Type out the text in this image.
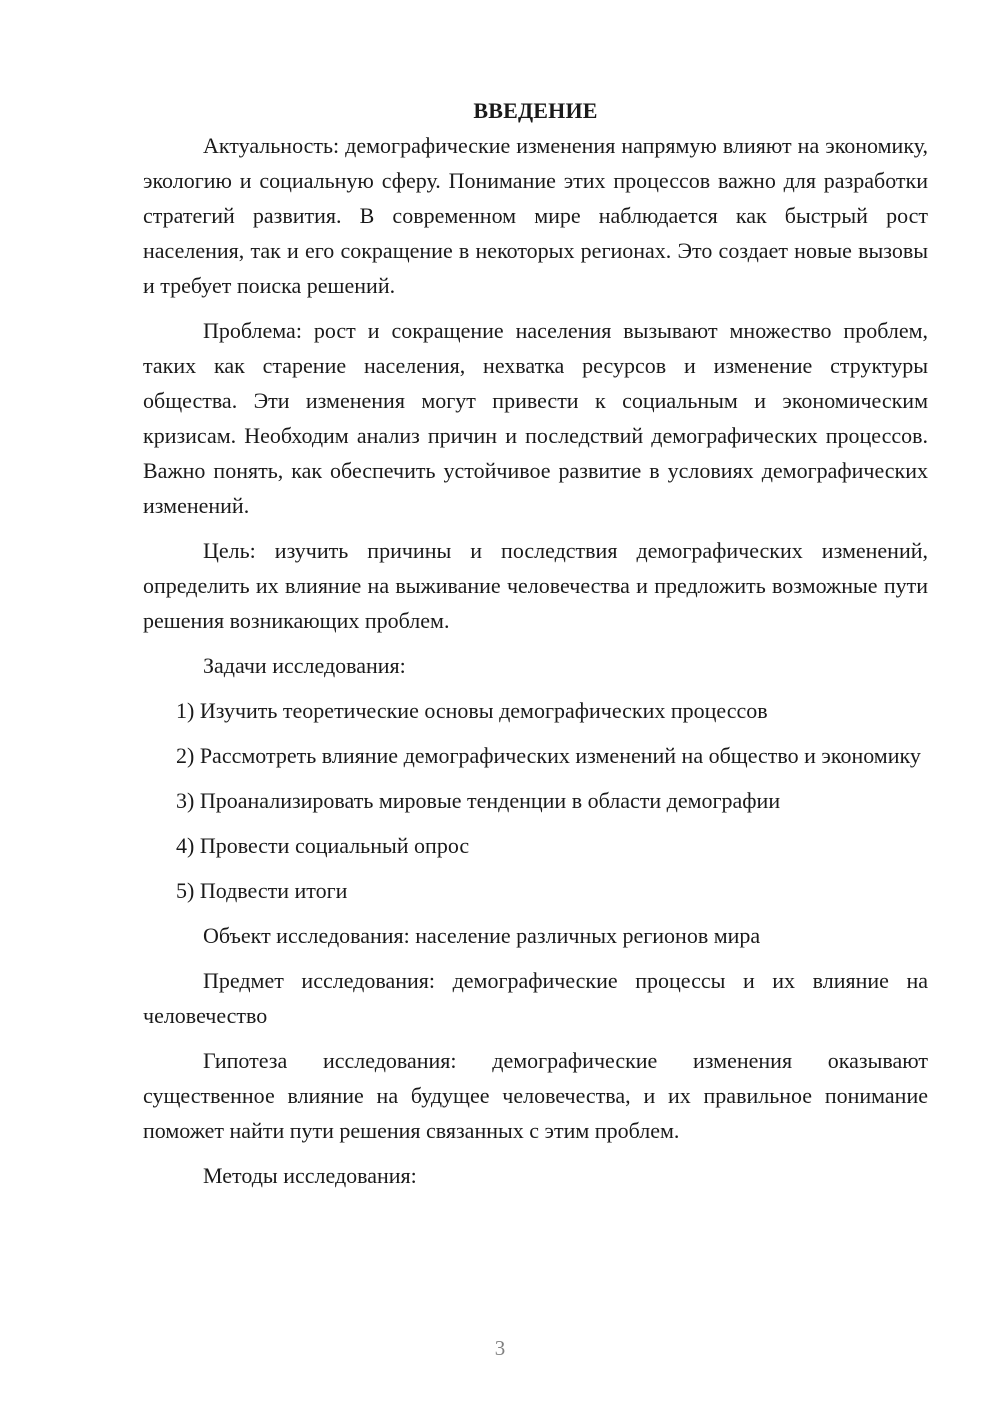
ВВЕДЕНИЕ

Актуальность: демографические изменения напрямую влияют на экономику, экологию и социальную сферу. Понимание этих процессов важно для разработки стратегий развития. В современном мире наблюдается как быстрый рост населения, так и его сокращение в некоторых регионах. Это создает новые вызовы и требует поиска решений.

Проблема: рост и сокращение населения вызывают множество проблем, таких как старение населения, нехватка ресурсов и изменение структуры общества. Эти изменения могут привести к социальным и экономическим кризисам. Необходим анализ причин и последствий демографических процессов. Важно понять, как обеспечить устойчивое развитие в условиях демографических изменений.

Цель: изучить причины и последствия демографических изменений, определить их влияние на выживание человечества и предложить возможные пути решения возникающих проблем.

Задачи исследования:

1) Изучить теоретические основы демографических процессов

2) Рассмотреть влияние демографических изменений на общество и экономику

3) Проанализировать мировые тенденции в области демографии

4) Провести социальный опрос

5) Подвести итоги

Объект исследования: население различных регионов мира

Предмет исследования: демографические процессы и их влияние на человечество

Гипотеза исследования: демографические изменения оказывают существенное влияние на будущее человечества, и их правильное понимание поможет найти пути решения связанных с этим проблем.

Методы исследования:

3
